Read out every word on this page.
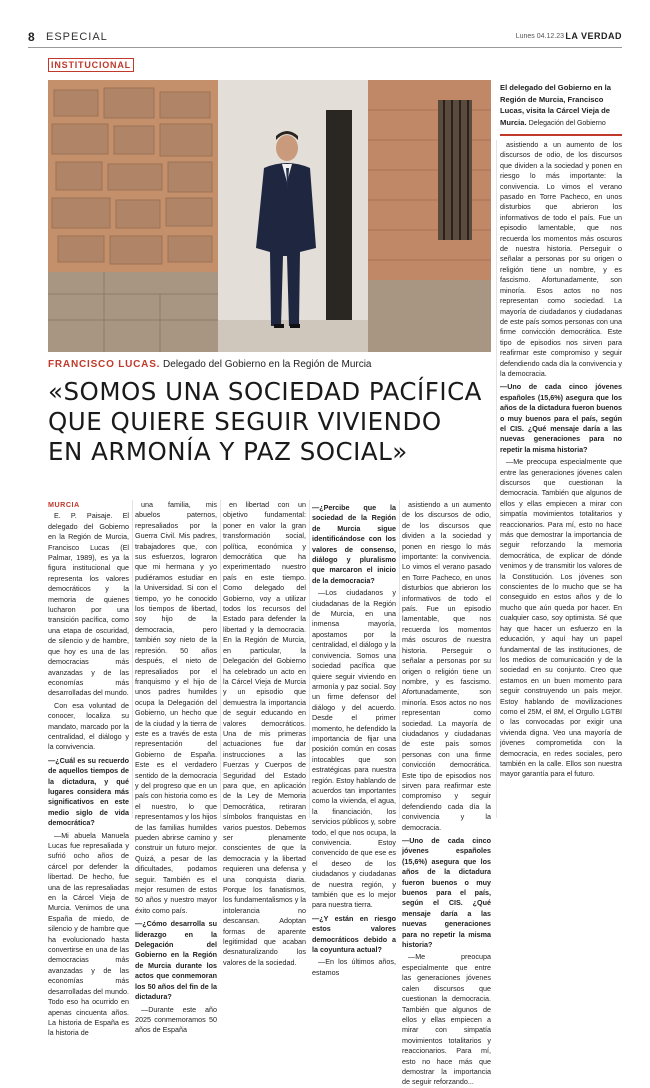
8 ESPECIAL	Lunes 04.12.23 LA VERDAD
INSTITUCIONAL
El delegado del Gobierno en la Región de Murcia, Francisco Lucas, visita la Cárcel Vieja de Murcia. Delegación del Gobierno
FRANCISCO LUCAS. Delegado del Gobierno en la Región de Murcia
«SOMOS UNA SOCIEDAD PACÍFICA
QUE QUIERE SEGUIR VIVIENDO
EN ARMONÍA Y PAZ SOCIAL»

MURCIA

E. P. Paisaje. El delegado del Gobierno en la Región de Murcia, Francisco Lucas (El Palmar, 1989), es ya la figura institucional que representa los valores democráticos y la memoria de quienes lucharon por una transición pacífica, como una etapa de oscuridad, de silencio y de hambre, que hoy es una de las democracias más avanzadas y de las economías más desarrolladas del mundo.

Con esa voluntad de conocer, localiza su mandato, marcado por la centralidad, el diálogo y la convivencia.

—¿Cuál es su recuerdo de aquellos tiempos de la dictadura, y qué lugares considera más significativos en este medio siglo de vida democrática?

—Mi abuela Manuela Lucas fue represaliada y sufrió ocho años de cárcel por defender la libertad. De hecho, fue una de las represaliadas en la Cárcel Vieja de Murcia. Venimos de una España de miedo, de silencio y de hambre que ha evolucionado hasta convertirse en una de las democracias más avanzadas y de las economías más desarrolladas del mundo. Todo eso ha ocurrido en apenas cincuenta años. La historia de España es la historia de

una familia, mis abuelos paternos, represaliados por la Guerra Civil. Mis padres, trabajadores que, con sus esfuerzos, lograron que mi hermana y yo pudiéramos estudiar en la Universidad. Si con el tiempo, yo he conocido los tiempos de libertad, soy hijo de la democracia, pero también soy nieto de la represión. 50 años después, el nieto de represaliados por el franquismo y el hijo de unos padres humildes ocupa la Delegación del Gobierno, un hecho que de la ciudad y la tierra de este es a través de esta representación del Gobierno de España. Este es el verdadero sentido de la democracia y del progreso que en un país con historia como es el nuestro, lo que representamos y los hijos de las familias humildes pueden abrirse camino y construir un futuro mejor. Quizá, a pesar de las dificultades, podamos seguir. También es el mejor resumen de estos 50 años y nuestro mayor éxito como país.

—¿Cómo desarrolla su liderazgo en la Delegación del Gobierno en la Región de Murcia durante los actos que conmemoran los 50 años del fin de la dictadura?

—Durante este año 2025 conmemoramos 50 años de España

en libertad con un objetivo fundamental: poner en valor la gran transformación social, política, económica y democrática que ha experimentado nuestro país en este tiempo. Como delegado del Gobierno, voy a utilizar todos los recursos del Estado para defender la libertad y la democracia. En la Región de Murcia, en particular, la Delegación del Gobierno ha celebrado un acto en la Cárcel Vieja de Murcia y un episodio que demuestra la importancia de seguir educando en valores democráticos. Una de mis primeras actuaciones fue dar instrucciones a las Fuerzas y Cuerpos de Seguridad del Estado para que, en aplicación de la Ley de Memoria Democrática, retiraran símbolos franquistas en varios puestos. Debemos ser plenamente conscientes de que la democracia y la libertad requieren una defensa y una conquista diaria. Porque los fanatismos, los fundamentalismos y la intolerancia no descansan. Adoptan formas de aparente legitimidad que acaban desnaturalizando los valores de la sociedad.

—¿Percibe que la sociedad de la Región de Murcia sigue identificándose con los valores de consenso, diálogo y pluralismo que marcaron el inicio de la democracia?

—Los ciudadanos y ciudadanas de la Región de Murcia, en una inmensa mayoría, apostamos por la centralidad, el diálogo y la convivencia. Somos una sociedad pacífica que quiere seguir viviendo en armonía y paz social. Soy un firme defensor del diálogo y del acuerdo. Desde el primer momento, he defendido la importancia de fijar una posición común en cosas intocables que son estratégicas para nuestra región. Estoy hablando de acuerdos tan importantes como la vivienda, el agua, la financiación, los servicios públicos y, sobre todo, el que nos ocupa, la convivencia. Estoy convencido de que ese es el deseo de los ciudadanos y ciudadanas de nuestra región, y también que es lo mejor para nuestra tierra.

—¿Y están en riesgo estos valores democráticos debido a la coyuntura actual?

—En los últimos años, estamos

asistiendo a un aumento de los discursos de odio, de los discursos que dividen a la sociedad y ponen en riesgo lo más importante: la convivencia. Lo vimos el verano pasado en Torre Pacheco, en unos disturbios que abrieron los informativos de todo el país. Fue un episodio lamentable, que nos recuerda los momentos más oscuros de nuestra historia. Perseguir o señalar a personas por su origen o religión tiene un nombre, y es fascismo. Afortunadamente, son minoría. Esos actos no nos representan como sociedad. La mayoría de ciudadanos y ciudadanas de este país somos personas con una firme convicción democrática. Este tipo de episodios nos sirven para reafirmar este compromiso y seguir defendiendo cada día la convivencia y la democracia.

—Uno de cada cinco jóvenes españoles (15,6%) asegura que los años de la dictadura fueron buenos o muy buenos para el país, según el CIS. ¿Qué mensaje daría a las nuevas generaciones para no repetir la misma historia?

—Me preocupa especialmente que entre las generaciones jóvenes calen discursos que cuestionan la democracia. También que algunos de ellos y ellas empiecen a mirar con simpatía movimientos totalitarios y reaccionarios. Para mí, esto no hace más que demostrar la importancia de seguir reforzando...

asistiendo a un aumento de los discursos de odio, de los discursos que dividen a la sociedad y ponen en riesgo lo más importante: la convivencia. Lo vimos el verano pasado en Torre Pacheco, en unos disturbios que abrieron los informativos de todo el país. Fue un episodio lamentable, que nos recuerda los momentos más oscuros de nuestra historia. Perseguir o señalar a personas por su origen o religión tiene un nombre, y es fascismo. Afortunadamente, son minoría. Esos actos no nos representan como sociedad. La mayoría de ciudadanos y ciudadanas de este país somos personas con una firme convicción democrática. Este tipo de episodios nos sirven para reafirmar este compromiso y seguir defendiendo cada día la convivencia y la democracia.

—Uno de cada cinco jóvenes españoles (15,6%) asegura que los años de la dictadura fueron buenos o muy buenos para el país, según el CIS. ¿Qué mensaje daría a las nuevas generaciones para no repetir la misma historia?

—Me preocupa especialmente que entre las generaciones jóvenes calen discursos que cuestionan la democracia. También que algunos de ellos y ellas empiecen a mirar con simpatía movimientos totalitarios y reaccionarios. Para mí, esto no hace más que demostrar la importancia de seguir reforzando la memoria democrática, de explicar de dónde venimos y de transmitir los valores de la Constitución. Los jóvenes son conscientes de lo mucho que se ha conseguido en estos años y de lo mucho que aún queda por hacer. En cualquier caso, soy optimista. Sé que hay que hacer un esfuerzo en la educación, y aquí hay un papel fundamental de las instituciones, de los medios de comunicación y de la sociedad en su conjunto. Creo que estamos en un buen momento para seguir construyendo un país mejor. Estoy hablando de movilizaciones como el 25M, el 8M, el Orgullo LGTBI o las convocadas por exigir una vivienda digna. Veo una mayoría de jóvenes comprometida con la democracia, en redes sociales, pero también en la calle. Ellos son nuestra mayor garantía para el futuro.
